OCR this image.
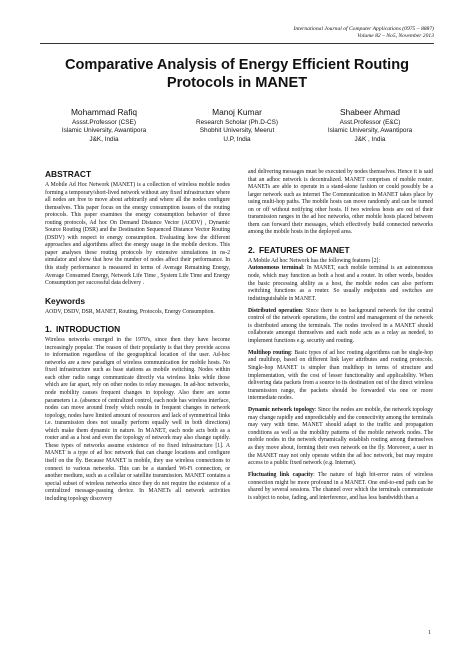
International Journal of Computer Applications (0975 – 8887)
Volume 82 – No5, November 2013
Comparative Analysis of Energy Efficient Routing
Protocols in MANET
Mohammad Rafiq
Assst.Professor (CSE)
Islamic University, Awantipora
J&K, India
Manoj Kumar
Research Scholar (Ph.D-CS)
Shobhit University, Meerut
U.P, India
Shabeer Ahmad
Asst.Professor (E&C)
Islamic University, Awantipora
J&K , India
ABSTRACT

A Mobile Ad Hoc Network (MANET) is a collection of wireless mobile nodes forming a temporary/short-lived network without any fixed infrastructure where all nodes are free to move about arbitrarily and where all the nodes configure themselves. This paper focus on the energy consumption issues of the routing protocols. This paper examines the energy consumption behavior of three routing protocols, Ad hoc On Demand Distance Vector (AODV) , Dynamic Source Routing (DSR) and the Destination Sequenced Distance Vector Routing (DSDV) with respect to energy consumption. Evaluating how the different approaches and algorithms affect the energy usage in the mobile devices. This paper analyses these routing protocols by extensive simulations in ns-2 simulator and show that how the number of nodes affect their performance. In this study performance is measured in terms of Average Remaining Energy, Average Consumed Energy, Network Life Time , System Life Time and Energy Consumption per successful data delivery .

Keywords

AODV, DSDV, DSR, MANET, Routing, Protocols, Energy Consumption.

1. INTRODUCTION

Wireless networks emerged in the 1970's, since then they have become increasingly popular. The reason of their popularity is that they provide access to information regardless of the geographical location of the user. Ad-hoc networks are a new paradigm of wireless communication for mobile hosts. No fixed infrastructure such as base stations as mobile switching. Nodes within each other radio range communicate directly via wireless links while those which are far apart, rely on other nodes to relay messages. In ad-hoc networks, node mobility causes frequent changes in topology. Also there are some parameters i.e. (absence of centralized control, each node has wireless interface, nodes can move around freely which results in frequent changes in network topology, nodes have limited amount of resources and lack of symmetrical links i.e. transmission does not usually perform equally well in both directions) which make them dynamic in nature. In MANET, each node acts both as a router and as a host and even the topology of network may also change rapidly. These types of networks assume existence of no fixed infrastructure [1]. A MANET is a type of ad hoc network that can change locations and configure itself on the fly. Because MANET is mobile, they use wireless connections to connect to various networks. This can be a standard Wi-Fi connection, or another medium, such as a cellular or satellite transmission. MANET contains a special subset of wireless networks since they do not require the existence of a centralized message-passing device. In MANETs all network activities including topology discovery

and delivering messages must be executed by nodes themselves. Hence it is said that an adhoc network is decentralized. MANET comprises of mobile router. MANETs are able to operate in a stand-alone fashion or could possibly be a larger network such as internet The Communication in MANET takes place by using multi-hop paths. The mobile hosts can move randomly and can be turned on or off without notifying other hosts. If two wireless hosts are out of their transmission ranges in the ad hoc networks, other mobile hosts placed between them can forward their messages, which effectively build connected networks among the mobile hosts in the deployed area.

2. FEATURES OF MANET

A Mobile Ad hoc Network has the following features [2]:

Autonomous terminal: In MANET, each mobile terminal is an autonomous node, which may function as both a host and a router. In other words, besides the basic processing ability as a host, the mobile nodes can also perform switching functions as a router. So usually endpoints and switches are indistinguishable in MANET.

Distributed operation: Since there is no background network for the central control of the network operations, the control and management of the network is distributed among the terminals. The nodes involved in a MANET should collaborate amongst themselves and each node acts as a relay as needed, to implement functions e.g. security and routing.

Multihop routing: Basic types of ad hoc routing algorithms can be single-hop and multihop, based on different link layer attributes and routing protocols. Single-hop MANET is simpler than multihop in terms of structure and implementation, with the cost of lesser functionality and applicability. When delivering data packets from a source to its destination out of the direct wireless transmission range, the packets should be forwarded via one or more intermediate nodes.

Dynamic network topology: Since the nodes are mobile, the network topology may change rapidly and unpredictably and the connectivity among the terminals may vary with time. MANET should adapt to the traffic and propagation conditions as well as the mobility patterns of the mobile network nodes. The mobile nodes in the network dynamically establish routing among themselves as they move about, forming their own network on the fly. Moreover, a user in the MANET may not only operate within the ad hoc network, but may require access to a public fixed network (e.g. Internet).

Fluctuating link capacity: The nature of high bit-error rates of wireless connection might be more profound in a MANET. One end-to-end path can be shared by several sessions. The channel over which the terminals communicate is subject to noise, fading, and interference, and has less bandwidth than a

1
